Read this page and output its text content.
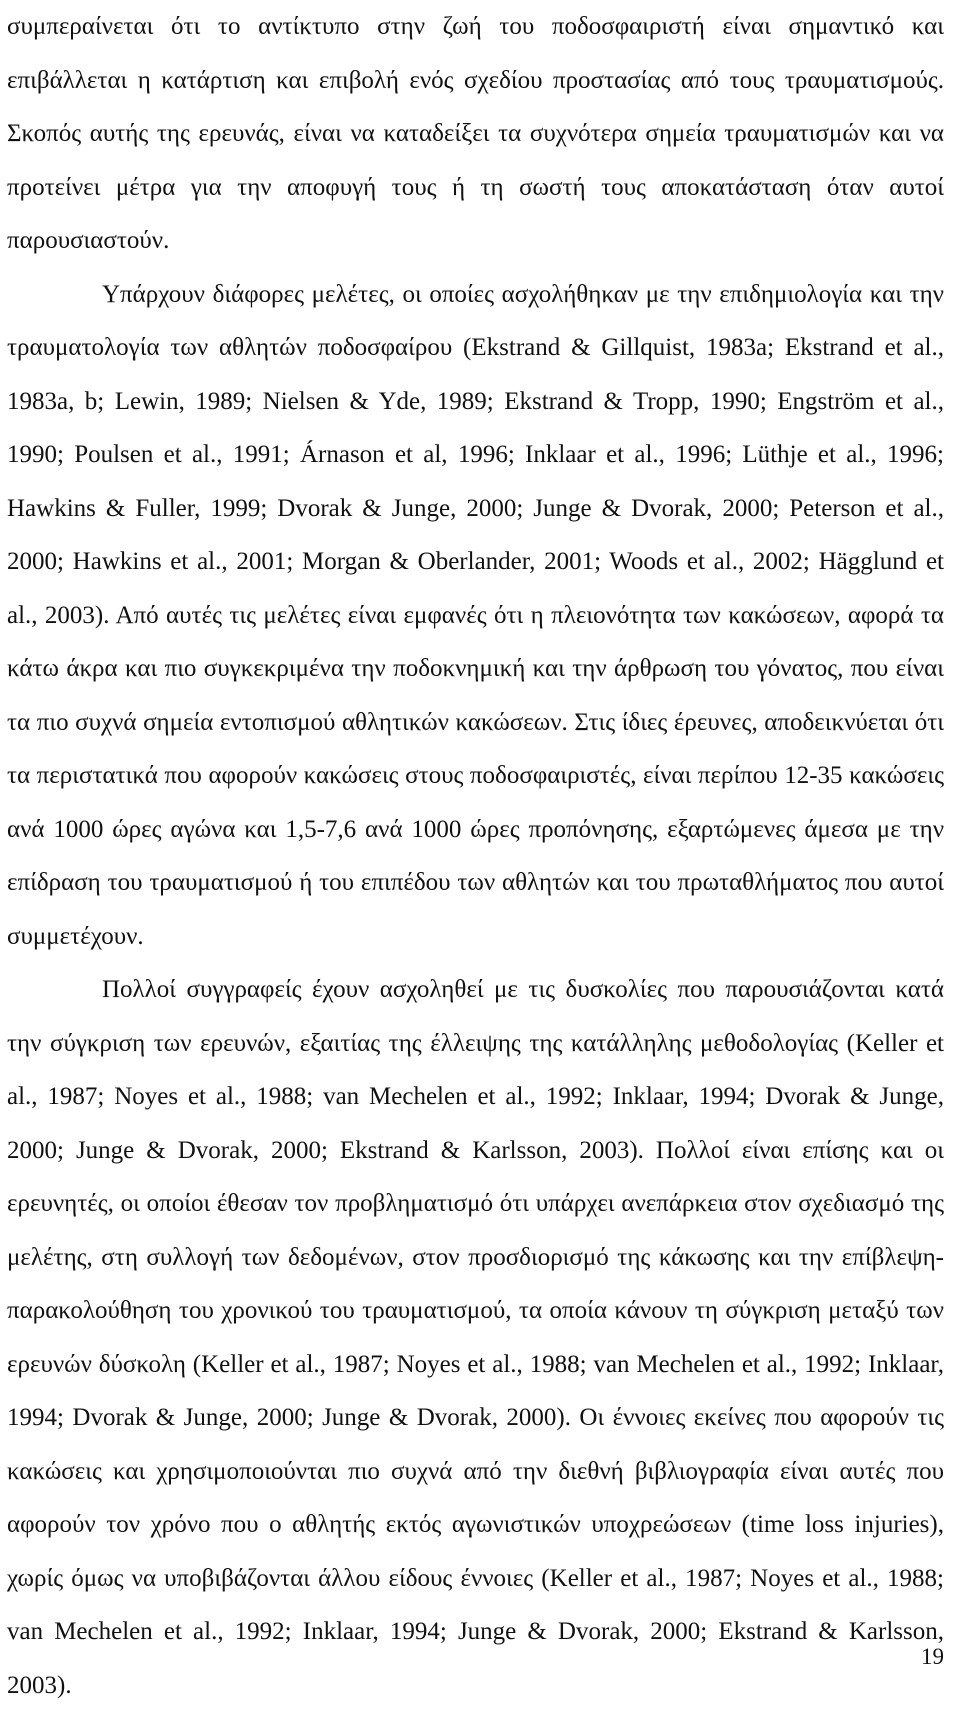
συμπεραίνεται ότι το αντίκτυπο στην ζωή του ποδοσφαιριστή είναι σημαντικό και επιβάλλεται η κατάρτιση και επιβολή ενός σχεδίου προστασίας από τους τραυματισμούς. Σκοπός αυτής της ερευνάς, είναι να καταδείξει τα συχνότερα σημεία τραυματισμών και να προτείνει μέτρα για την αποφυγή τους ή τη σωστή τους αποκατάσταση όταν αυτοί παρουσιαστούν.

Υπάρχουν διάφορες μελέτες, οι οποίες ασχολήθηκαν με την επιδημιολογία και την τραυματολογία των αθλητών ποδοσφαίρου (Ekstrand & Gillquist, 1983a; Ekstrand et al., 1983a, b; Lewin, 1989; Nielsen & Yde, 1989; Ekstrand & Tropp, 1990; Engström et al., 1990; Poulsen et al., 1991; Árnason et al, 1996; Inklaar et al., 1996; Lüthje et al., 1996; Hawkins & Fuller, 1999; Dvorak & Junge, 2000; Junge & Dvorak, 2000; Peterson et al., 2000; Hawkins et al., 2001; Morgan & Oberlander, 2001; Woods et al., 2002; Hägglund et al., 2003). Από αυτές τις μελέτες είναι εμφανές ότι η πλειονότητα των κακώσεων, αφορά τα κάτω άκρα και πιο συγκεκριμένα την ποδοκνημική και την άρθρωση του γόνατος, που είναι τα πιο συχνά σημεία εντοπισμού αθλητικών κακώσεων. Στις ίδιες έρευνες, αποδεικνύεται ότι τα περιστατικά που αφορούν κακώσεις στους ποδοσφαιριστές, είναι περίπου 12-35 κακώσεις ανά 1000 ώρες αγώνα και 1,5-7,6 ανά 1000 ώρες προπόνησης, εξαρτώμενες άμεσα με την επίδραση του τραυματισμού ή του επιπέδου των αθλητών και του πρωταθλήματος που αυτοί συμμετέχουν.

Πολλοί συγγραφείς έχουν ασχοληθεί με τις δυσκολίες που παρουσιάζονται κατά την σύγκριση των ερευνών, εξαιτίας της έλλειψης της κατάλληλης μεθοδολογίας (Keller et al., 1987; Noyes et al., 1988; van Mechelen et al., 1992; Inklaar, 1994; Dvorak & Junge, 2000; Junge & Dvorak, 2000; Ekstrand & Karlsson, 2003). Πολλοί είναι επίσης και οι ερευνητές, οι οποίοι έθεσαν τον προβληματισμό ότι υπάρχει ανεπάρκεια στον σχεδιασμό της μελέτης, στη συλλογή των δεδομένων, στον προσδιορισμό της κάκωσης και την επίβλεψη- παρακολούθηση του χρονικού του τραυματισμού, τα οποία κάνουν τη σύγκριση μεταξύ των ερευνών δύσκολη (Keller et al., 1987; Noyes et al., 1988; van Mechelen et al., 1992; Inklaar, 1994; Dvorak & Junge, 2000; Junge & Dvorak, 2000). Οι έννοιες εκείνες που αφορούν τις κακώσεις και χρησιμοποιούνται πιο συχνά από την διεθνή βιβλιογραφία είναι αυτές που αφορούν τον χρόνο που ο αθλητής εκτός αγωνιστικών υποχρεώσεων (time loss injuries), χωρίς όμως να υποβιβάζονται άλλου είδους έννοιες (Keller et al., 1987; Noyes et al., 1988; van Mechelen et al., 1992; Inklaar, 1994; Junge & Dvorak, 2000; Ekstrand & Karlsson, 2003).

19
